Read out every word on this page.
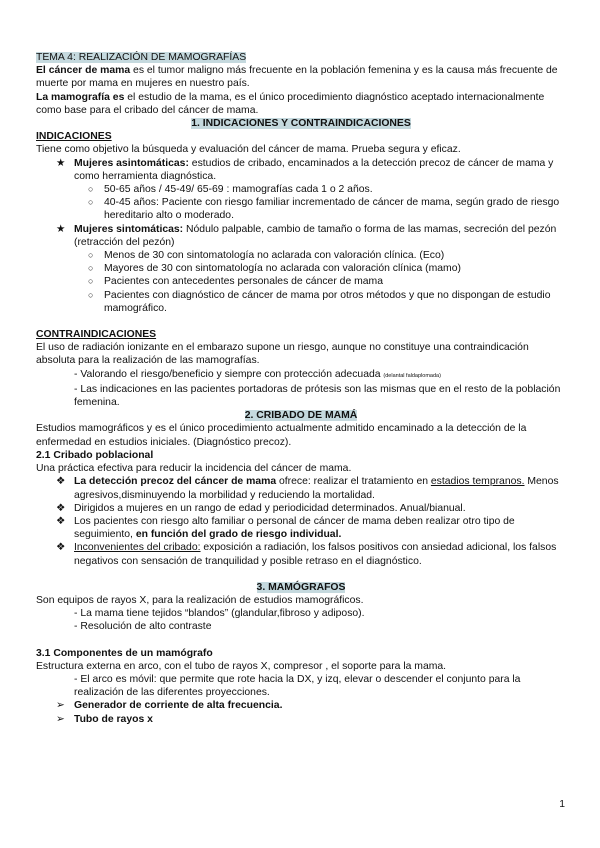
TEMA 4: REALIZACIÓN DE MAMOGRAFÍAS

El cáncer de mama es el tumor maligno más frecuente en la población femenina y es la causa más frecuente de muerte por mama en mujeres en nuestro país.

La mamografía es el estudio de la mama, es el único procedimiento diagnóstico aceptado internacionalmente como base para el cribado del cáncer de mama.

1. INDICACIONES Y CONTRAINDICACIONES

INDICACIONES

Tiene como objetivo la búsqueda y evaluación del cáncer de mama. Prueba segura y eficaz.

★ Mujeres asintomáticas: estudios de cribado, encaminados a la detección precoz de cáncer de mama y como herramienta diagnóstica.
○ 50-65 años / 45-49/ 65-69 : mamografías cada 1 o 2 años.
○ 40-45 años: Paciente con riesgo familiar incrementado de cáncer de mama, según grado de riesgo hereditario alto o moderado.
★ Mujeres sintomáticas: Nódulo palpable, cambio de tamaño o forma de las mamas, secreción del pezón (retracción del pezón)
○ Menos de 30 con sintomatología no aclarada con valoración clínica. (Eco)
○ Mayores de 30 con sintomatología no aclarada con valoración clínica (mamo)
○ Pacientes con antecedentes personales de cáncer de mama
○ Pacientes con diagnóstico de cáncer de mama por otros métodos y que no dispongan de estudio mamográfico.

CONTRAINDICACIONES

El uso de radiación ionizante en el embarazo supone un riesgo, aunque no constituye una contraindicación absoluta para la realización de las mamografías.

- Valorando el riesgo/beneficio y siempre con protección adecuada (delantal faldaplomada)
- Las indicaciones en las pacientes portadoras de prótesis son las mismas que en el resto de la población femenina.

2. CRIBADO DE MAMÁ

Estudios mamográficos y es el único procedimiento actualmente admitido encaminado a la detección de la enfermedad en estudios iniciales. (Diagnóstico precoz).

2.1 Cribado poblacional

Una práctica efectiva para reducir la incidencia del cáncer de mama.

❖ La detección precoz del cáncer de mama ofrece: realizar el tratamiento en estadios tempranos. Menos agresivos,disminuyendo la morbilidad y reduciendo la mortalidad.
❖ Dirigidos a mujeres en un rango de edad y periodicidad determinados. Anual/bianual.
❖ Los pacientes con riesgo alto familiar o personal de cáncer de mama deben realizar otro tipo de seguimiento, en función del grado de riesgo individual.
❖ Inconvenientes del cribado: exposición a radiación, los falsos positivos con ansiedad adicional, los falsos negativos con sensación de tranquilidad y posible retraso en el diagnóstico.

3. MAMÓGRAFOS

Son equipos de rayos X, para la realización de estudios mamográficos.

- La mama tiene tejidos “blandos” (glandular,fibroso y adiposo).
- Resolución de alto contraste

3.1 Componentes de un mamógrafo

Estructura externa en arco, con el tubo de rayos X, compresor , el soporte para la mama.

- El arco es móvil: que permite que rote hacia la DX, y izq, elevar o descender el conjunto para la realización de las diferentes proyecciones.
➢ Generador de corriente de alta frecuencia.
➢ Tubo de rayos x
1
